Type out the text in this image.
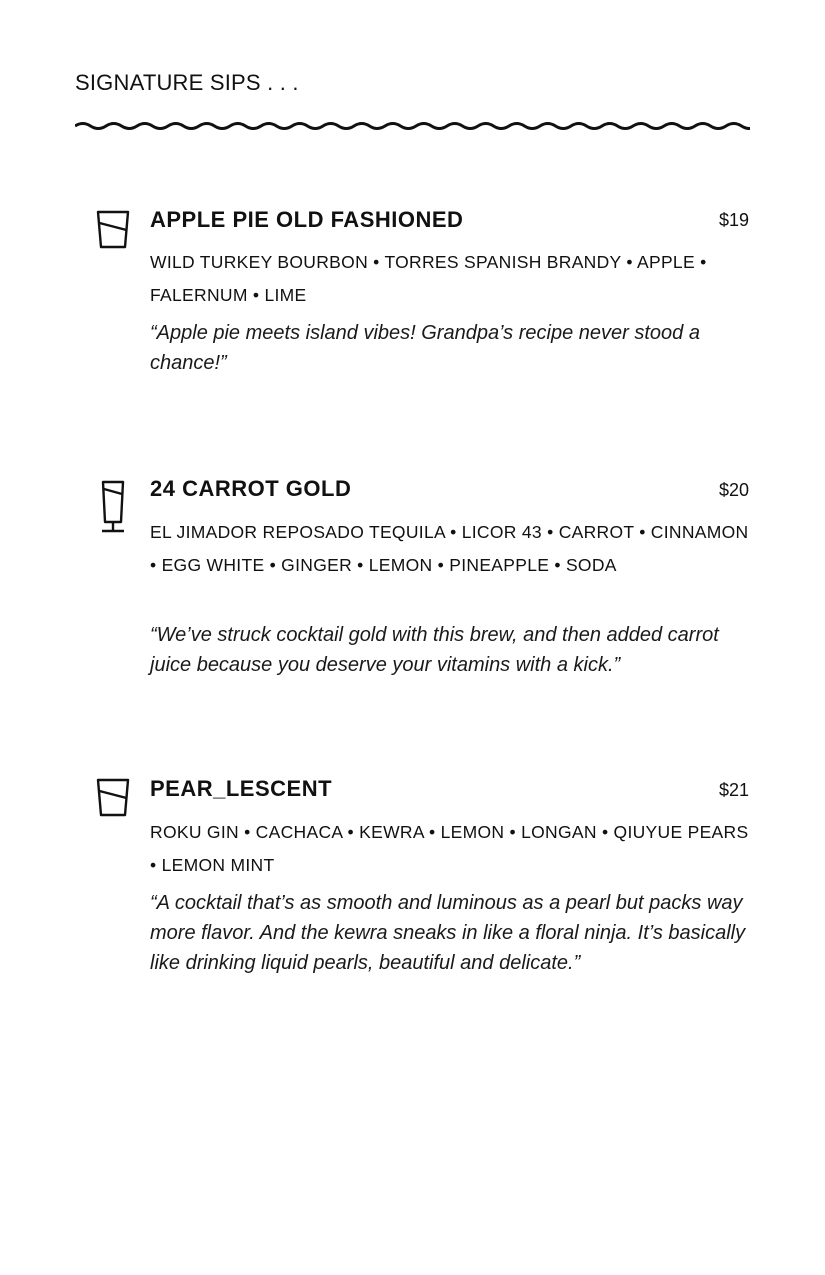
SIGNATURE SIPS . . .
APPLE PIE OLD FASHIONED	$19
WILD TURKEY BOURBON • TORRES SPANISH BRANDY • APPLE • FALERNUM • LIME
“Apple pie meets island vibes! Grandpa’s recipe never stood a chance!”
24 CARROT GOLD	$20
EL JIMADOR REPOSADO TEQUILA • LICOR 43 • CARROT • CINNAMON • EGG WHITE • GINGER • LEMON • PINEAPPLE • SODA
“We’ve struck cocktail gold with this brew, and then added carrot juice because you deserve your vitamins with a kick.”
PEAR_LESCENT	$21
ROKU GIN • CACHACA • KEWRA • LEMON • LONGAN • QIUYUE PEARS • LEMON MINT
“A cocktail that’s as smooth and luminous as a pearl but packs way more flavor. And the kewra sneaks in like a floral ninja. It’s basically like drinking liquid pearls, beautiful and delicate.”
